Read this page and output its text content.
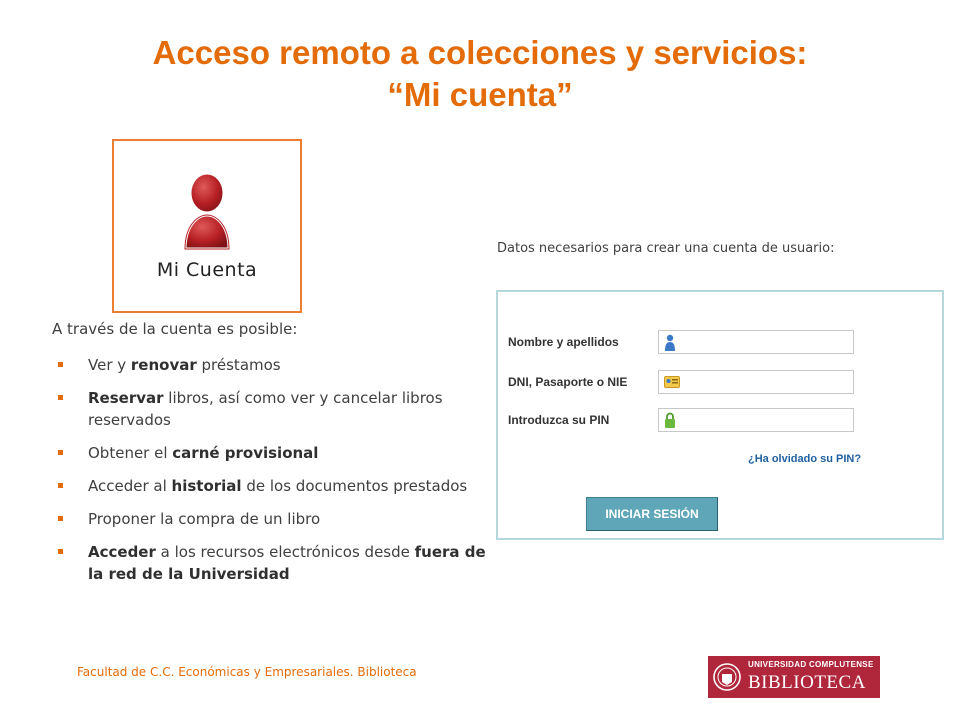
Acceso remoto a colecciones y servicios:
“Mi cuenta”
Mi Cuenta
A través de la cuenta es posible:
Ver y renovar préstamos
Reservar libros, así como ver y cancelar libros reservados
Obtener el carné provisional
Acceder al historial de los documentos prestados
Proponer la compra de un libro
Acceder a los recursos electrónicos desde fuera de la red de la Universidad
Datos necesarios para crear una cuenta de usuario:
Nombre y apellidos
DNI, Pasaporte o NIE
Introduzca su PIN
¿Ha olvidado su PIN?
INICIAR SESIÓN
Facultad de C.C. Económicas y Empresariales. Biblioteca
UNIVERSIDAD COMPLUTENSE
BIBLIOTECA
